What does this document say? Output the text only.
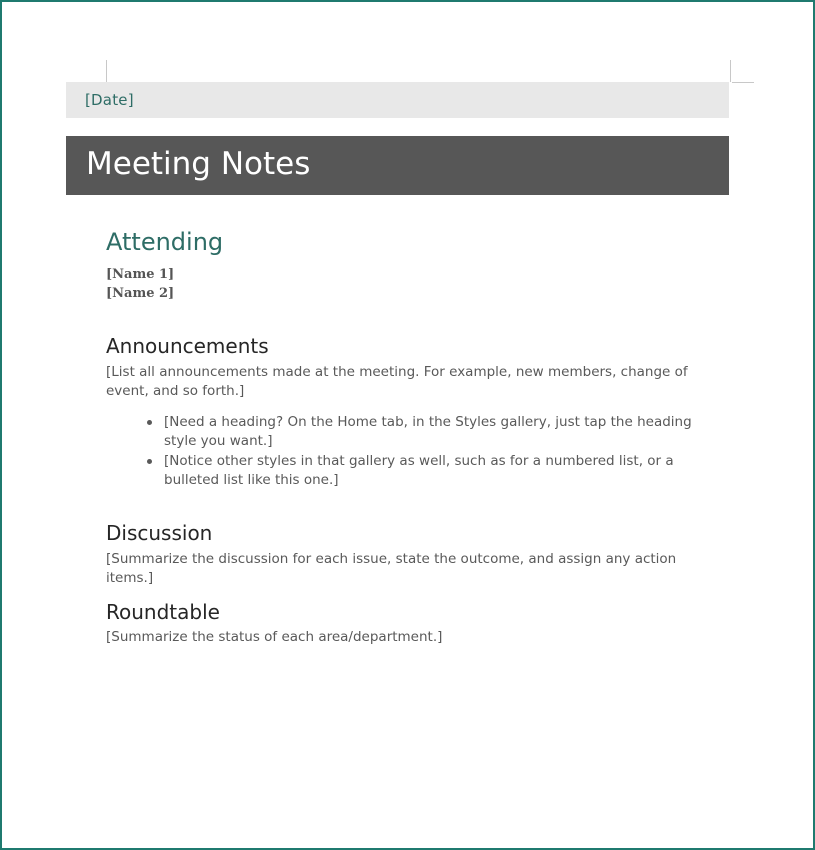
[Date]
Meeting Notes
Attending
[Name 1]
[Name 2]
Announcements
[List all announcements made at the meeting. For example, new members, change of event, and so forth.]
[Need a heading? On the Home tab, in the Styles gallery, just tap the heading style you want.]
[Notice other styles in that gallery as well, such as for a numbered list, or a bulleted list like this one.]
Discussion
[Summarize the discussion for each issue, state the outcome, and assign any action items.]
Roundtable
[Summarize the status of each area/department.]
